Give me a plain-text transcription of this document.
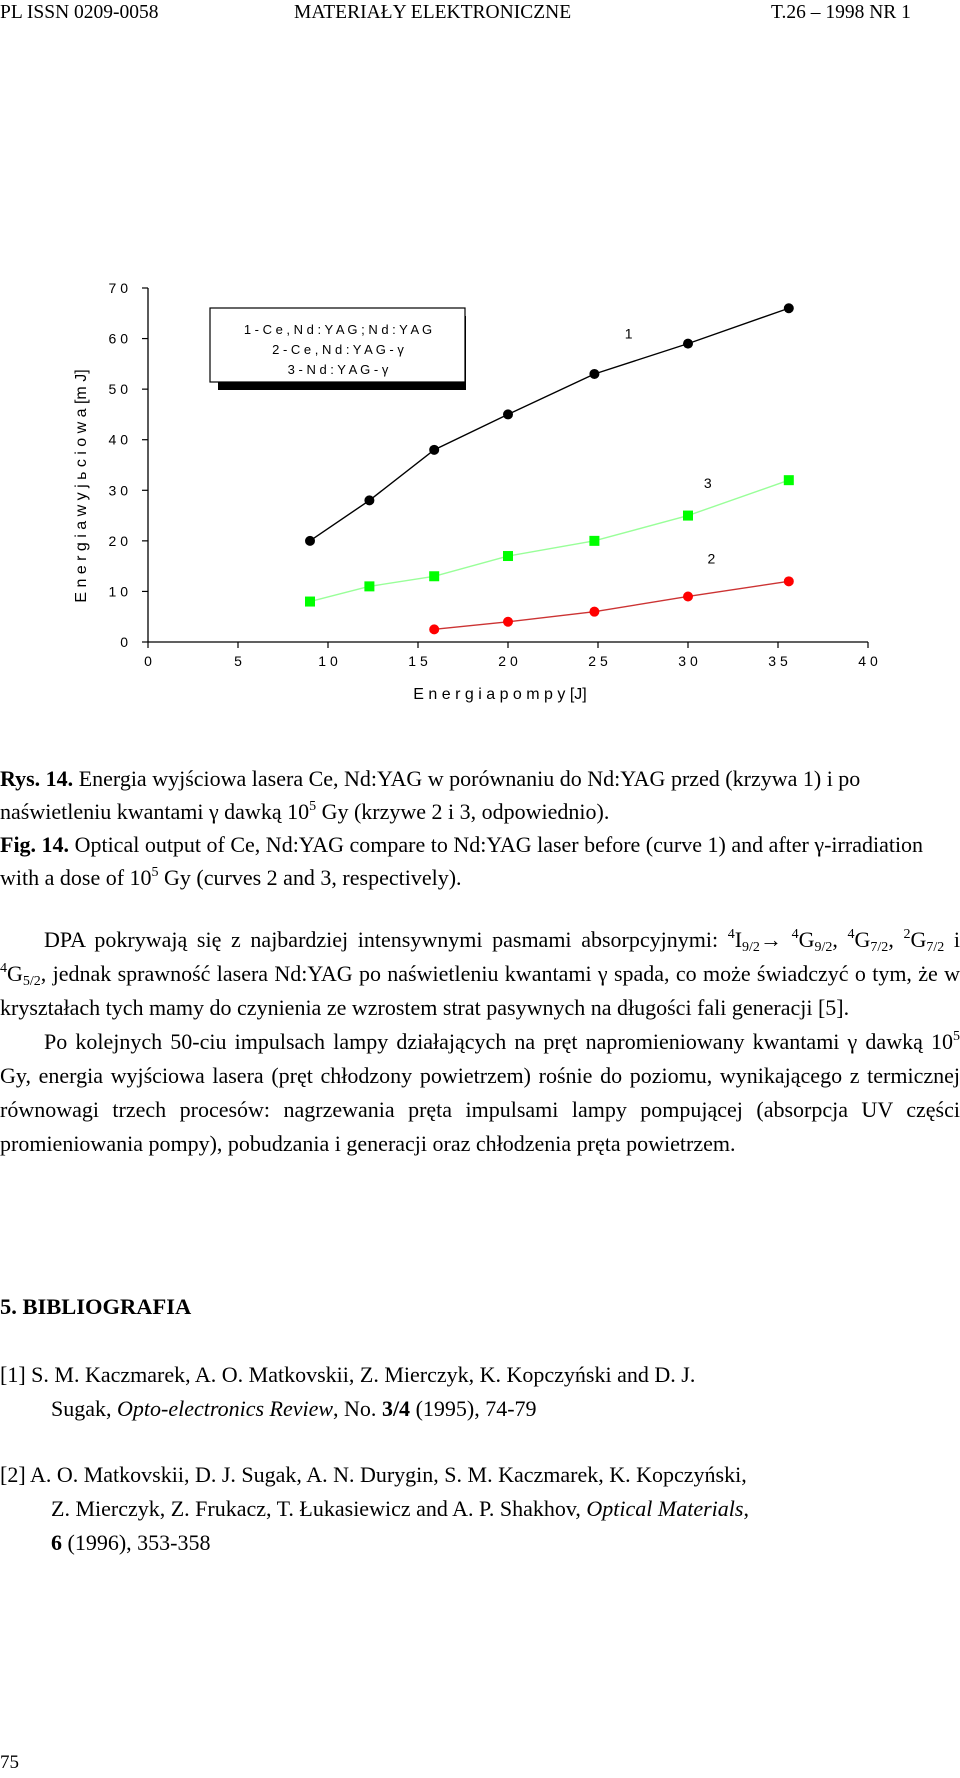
PL ISSN 0209-0058	MATERIAŁY ELEKTRONICZNE	T.26 – 1998 NR 1
0
1 0
2 0
3 0
4 0
5 0
6 0
7 0
0	5	1 0	1 5	2 0	2 5	3 0	3 5	4 0
1 - C e , N d : Y A G ; N d : Y A G
2 - C e , N d : Y A G - γ
3 - N d : Y A G - γ
1
3
2
E n e r g i a p o m p y [J]
E n e r g i a w y j ь c i o w a [m J]

Rys. 14. Energia wyjściowa lasera Ce, Nd:YAG w porównaniu do Nd:YAG przed (krzywa 1) i po naświetleniu kwantami γ dawką $10^5$ Gy (krzywe 2 i 3, odpowiednio).

Fig. 14. Optical output of Ce, Nd:YAG compare to Nd:YAG laser before (curve 1) and after γ-irradiation with a dose of $10^5$ Gy (curves 2 and 3, respectively).

DPA pokrywają się z najbardziej intensywnymi pasmami absorpcyjnymi: $^4I_{9/2}\to ^4G_{9/2}$, $^4G_{7/2}$, $^2G_{7/2}$ i $^4G_{5/2}$, jednak sprawność lasera Nd:YAG po naświetleniu kwantami γ spada, co może świadczyć o tym, że w kryształach tych mamy do czynienia ze wzrostem strat pasywnych na długości fali generacji [5].

Po kolejnych 50-ciu impulsach lampy działających na pręt napromieniowany kwantami γ dawką $10^5$ Gy, energia wyjściowa lasera (pręt chłodzony powietrzem) rośnie do poziomu, wynikającego z termicznej równowagi trzech procesów: nagrzewania pręta impulsami lampy pompującej (absorpcja UV części promieniowania pompy), pobudzania i generacji oraz chłodzenia pręta powietrzem.

5. BIBLIOGRAFIA
[1] S. M. Kaczmarek, A. O. Matkovskii, Z. Mierczyk, K. Kopczyński and D. J.
Sugak, Opto-electronics Review, No. 3/4 (1995), 74-79
[2] A. O. Matkovskii, D. J. Sugak, A. N. Durygin, S. M. Kaczmarek, K. Kopczyński,
Z. Mierczyk, Z. Frukacz, T. Łukasiewicz and A. P. Shakhov, Optical Materials,
6 (1996), 353-358
75
